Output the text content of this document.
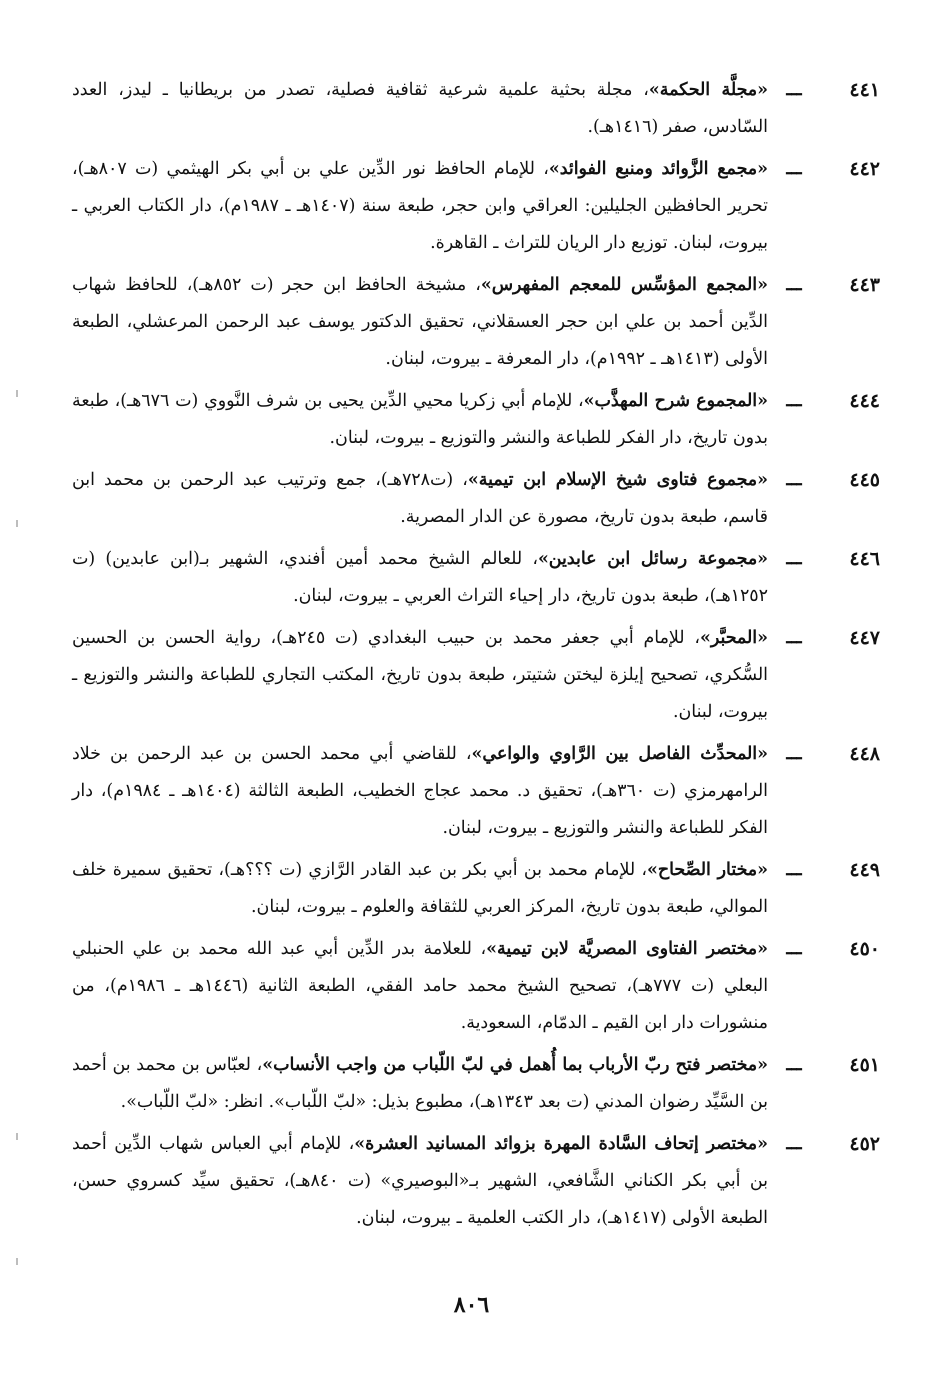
٤٤١
ـــ
«مجلَّة الحكمة»، مجلة بحثية علمية شرعية ثقافية فصلية، تصدر من بريطانيا ـ ليدز، العدد السّادس، صفر (١٤١٦هـ).
٤٤٢
ـــ
«مجمع الزَّوائد ومنبع الفوائد»، للإمام الحافظ نور الدِّين علي بن أبي بكر الهيثمي (ت ٨٠٧هـ)، تحرير الحافظين الجليلين: العراقي وابن حجر، طبعة سنة (١٤٠٧هـ ـ ١٩٨٧م)، دار الكتاب العربي ـ بيروت، لبنان. توزيع دار الريان للتراث ـ القاهرة.
٤٤٣
ـــ
«المجمع المؤسِّس للمعجم المفهرس»، مشيخة الحافظ ابن حجر (ت ٨٥٢هـ)، للحافظ شهاب الدِّين أحمد بن علي ابن حجر العسقلاني، تحقيق الدكتور يوسف عبد الرحمن المرعشلي، الطبعة الأولى (١٤١٣هـ ـ ١٩٩٢م)، دار المعرفة ـ بيروت، لبنان.
٤٤٤
ـــ
«المجموع شرح المهذَّب»، للإمام أبي زكريا محيي الدِّين يحيى بن شرف النَّووي (ت ٦٧٦هـ)، طبعة بدون تاريخ، دار الفكر للطباعة والنشر والتوزيع ـ بيروت، لبنان.
٤٤٥
ـــ
«مجموع فتاوى شيخ الإسلام ابن تيمية»، (ت٧٢٨هـ)، جمع وترتيب عبد الرحمن بن محمد ابن قاسم، طبعة بدون تاريخ، مصورة عن الدار المصرية.
٤٤٦
ـــ
«مجموعة رسائل ابن عابدين»، للعالم الشيخ محمد أمين أفندي، الشهير بـ(ابن عابدين) (ت ١٢٥٢هـ)، طبعة بدون تاريخ، دار إحياء التراث العربي ـ بيروت، لبنان.
٤٤٧
ـــ
«المحبَّر»، للإمام أبي جعفر محمد بن حبيب البغدادي (ت ٢٤٥هـ)، رواية الحسن بن الحسين السُّكري، تصحيح إيلزة ليختن شتيتر، طبعة بدون تاريخ، المكتب التجاري للطباعة والنشر والتوزيع ـ بيروت، لبنان.
٤٤٨
ـــ
«المحدِّث الفاصل بين الرَّاوي والواعي»، للقاضي أبي محمد الحسن بن عبد الرحمن بن خلاد الرامهرمزي (ت ٣٦٠هـ)، تحقيق د. محمد عجاج الخطيب، الطبعة الثالثة (١٤٠٤هـ ـ ١٩٨٤م)، دار الفكر للطباعة والنشر والتوزيع ـ بيروت، لبنان.
٤٤٩
ـــ
«مختار الصِّحاح»، للإمام محمد بن أبي بكر بن عبد القادر الرَّازي (ت ؟؟؟هـ)، تحقيق سميرة خلف الموالي، طبعة بدون تاريخ، المركز العربي للثقافة والعلوم ـ بيروت، لبنان.
٤٥٠
ـــ
«مختصر الفتاوى المصريَّة لابن تيمية»، للعلامة بدر الدِّين أبي عبد الله محمد بن علي الحنبلي البعلي (ت ٧٧٧هـ)، تصحيح الشيخ محمد حامد الفقي، الطبعة الثانية (١٤٤٦هـ ـ ١٩٨٦م)، من منشورات دار ابن القيم ـ الدمّام، السعودية.
٤٥١
ـــ
«مختصر فتح ربّ الأرباب بما أُهمل في لبّ اللّباب من واجب الأنساب»، لعبّاس بن محمد بن أحمد بن السَّيِّد رضوان المدني (ت بعد ١٣٤٣هـ)، مطبوع بذيل: «لبّ اللّباب». انظر: «لبّ اللّباب».
٤٥٢
ـــ
«مختصر إتحاف السَّادة المهرة بزوائد المسانيد العشرة»، للإمام أبي العباس شهاب الدِّين أحمد بن أبي بكر الكناني الشَّافعي، الشهير بـ«البوصيري» (ت ٨٤٠هـ)، تحقيق سيِّد كسروي حسن، الطبعة الأولى (١٤١٧هـ)، دار الكتب العلمية ـ بيروت، لبنان.
٨٠٦
